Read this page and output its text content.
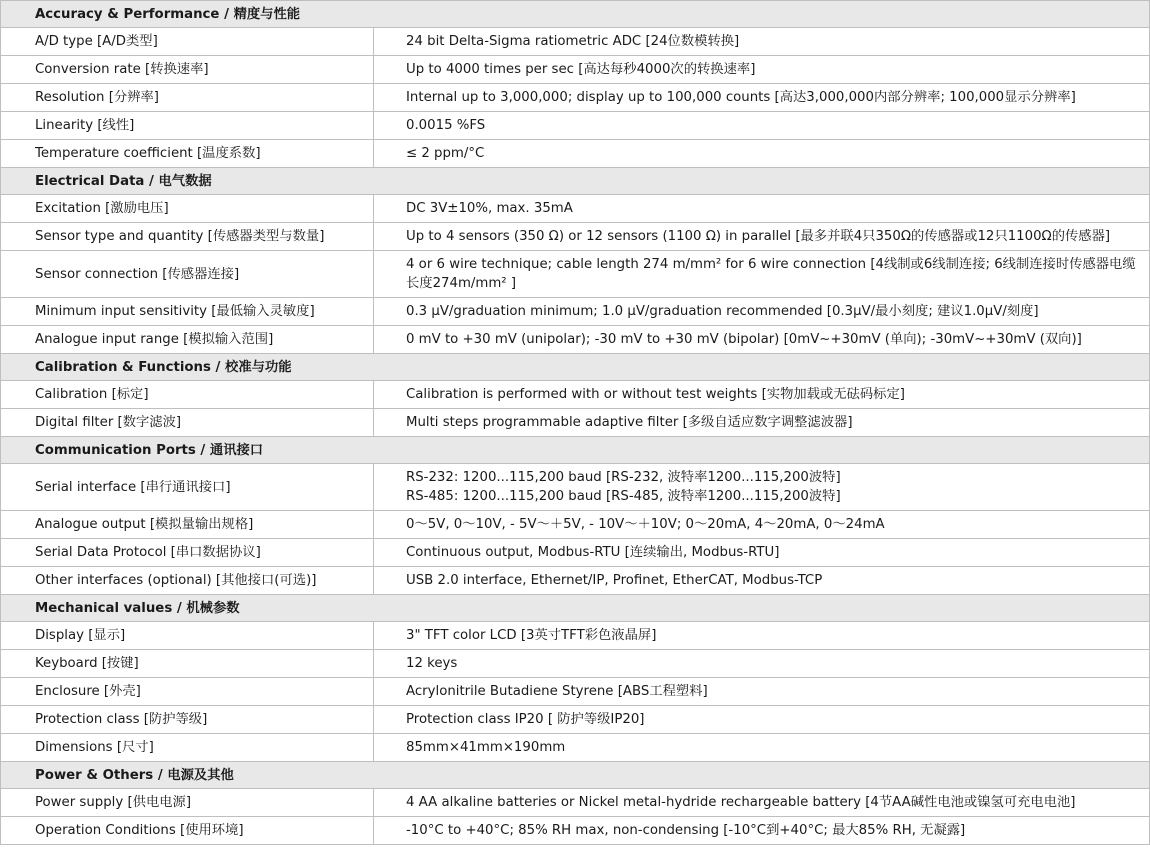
Accuracy & Performance / 精度与性能	
A/D type [A/D类型]	24 bit Delta-Sigma ratiometric ADC [24位数模转换]
Conversion rate [转换速率]	Up to 4000 times per sec [高达每秒4000次的转换速率]
Resolution [分辨率]	Internal up to 3,000,000; display up to 100,000 counts [高达3,000,000内部分辨率; 100,000显示分辨率]
Linearity [线性]	0.0015 %FS
Temperature coefficient [温度系数]	≤ 2 ppm/°C
Electrical Data / 电气数据	
Excitation [激励电压]	DC 3V±10%, max. 35mA
Sensor type and quantity [传感器类型与数量]	Up to 4 sensors (350 Ω) or 12 sensors (1100 Ω) in parallel [最多并联4只350Ω的传感器或12只1100Ω的传感器]
Sensor connection [传感器连接]	4 or 6 wire technique; cable length 274 m/mm² for 6 wire connection [4线制或6线制连接; 6线制连接时传感器电缆长度274m/mm² ]
Minimum input sensitivity [最低输入灵敏度]	0.3 μV/graduation minimum; 1.0 μV/graduation recommended [0.3μV/最小刻度; 建议1.0μV/刻度]
Analogue input range [模拟输入范围]	0 mV to +30 mV (unipolar); -30 mV to +30 mV (bipolar) [0mV~+30mV (单向); -30mV~+30mV (双向)]
Calibration & Functions / 校准与功能	
Calibration [标定]	Calibration is performed with or without test weights [实物加载或无砝码标定]
Digital filter [数字滤波]	Multi steps programmable adaptive filter [多级自适应数字调整滤波器]
Communication Ports / 通讯接口	
Serial interface [串行通讯接口]	RS-232: 1200...115,200 baud [RS-232, 波特率1200...115,200波特]
RS-485: 1200...115,200 baud [RS-485, 波特率1200...115,200波特]

Analogue output [模拟量输出规格]	0～5V, 0～10V, - 5V～＋5V, - 10V～＋10V; 0～20mA, 4～20mA, 0～24mA
Serial Data Protocol [串口数据协议]	Continuous output, Modbus-RTU [连续输出, Modbus-RTU]
Other interfaces (optional) [其他接口(可选)]	USB 2.0 interface, Ethernet/IP, Profinet, EtherCAT, Modbus-TCP
Mechanical values / 机械参数	
Display [显示]	3" TFT color LCD [3英寸TFT彩色液晶屏]
Keyboard [按键]	12 keys
Enclosure [外壳]	Acrylonitrile Butadiene Styrene [ABS工程塑料]
Protection class [防护等级]	Protection class IP20 [ 防护等级IP20]
Dimensions [尺寸]	85mm×41mm×190mm
Power & Others / 电源及其他	
Power supply [供电电源]	4 AA alkaline batteries or Nickel metal-hydride rechargeable battery [4节AA碱性电池或镍氢可充电电池]
Operation Conditions [使用环境]	-10°C to +40°C; 85% RH max, non-condensing [-10°C到+40°C; 最大85% RH, 无凝露]
